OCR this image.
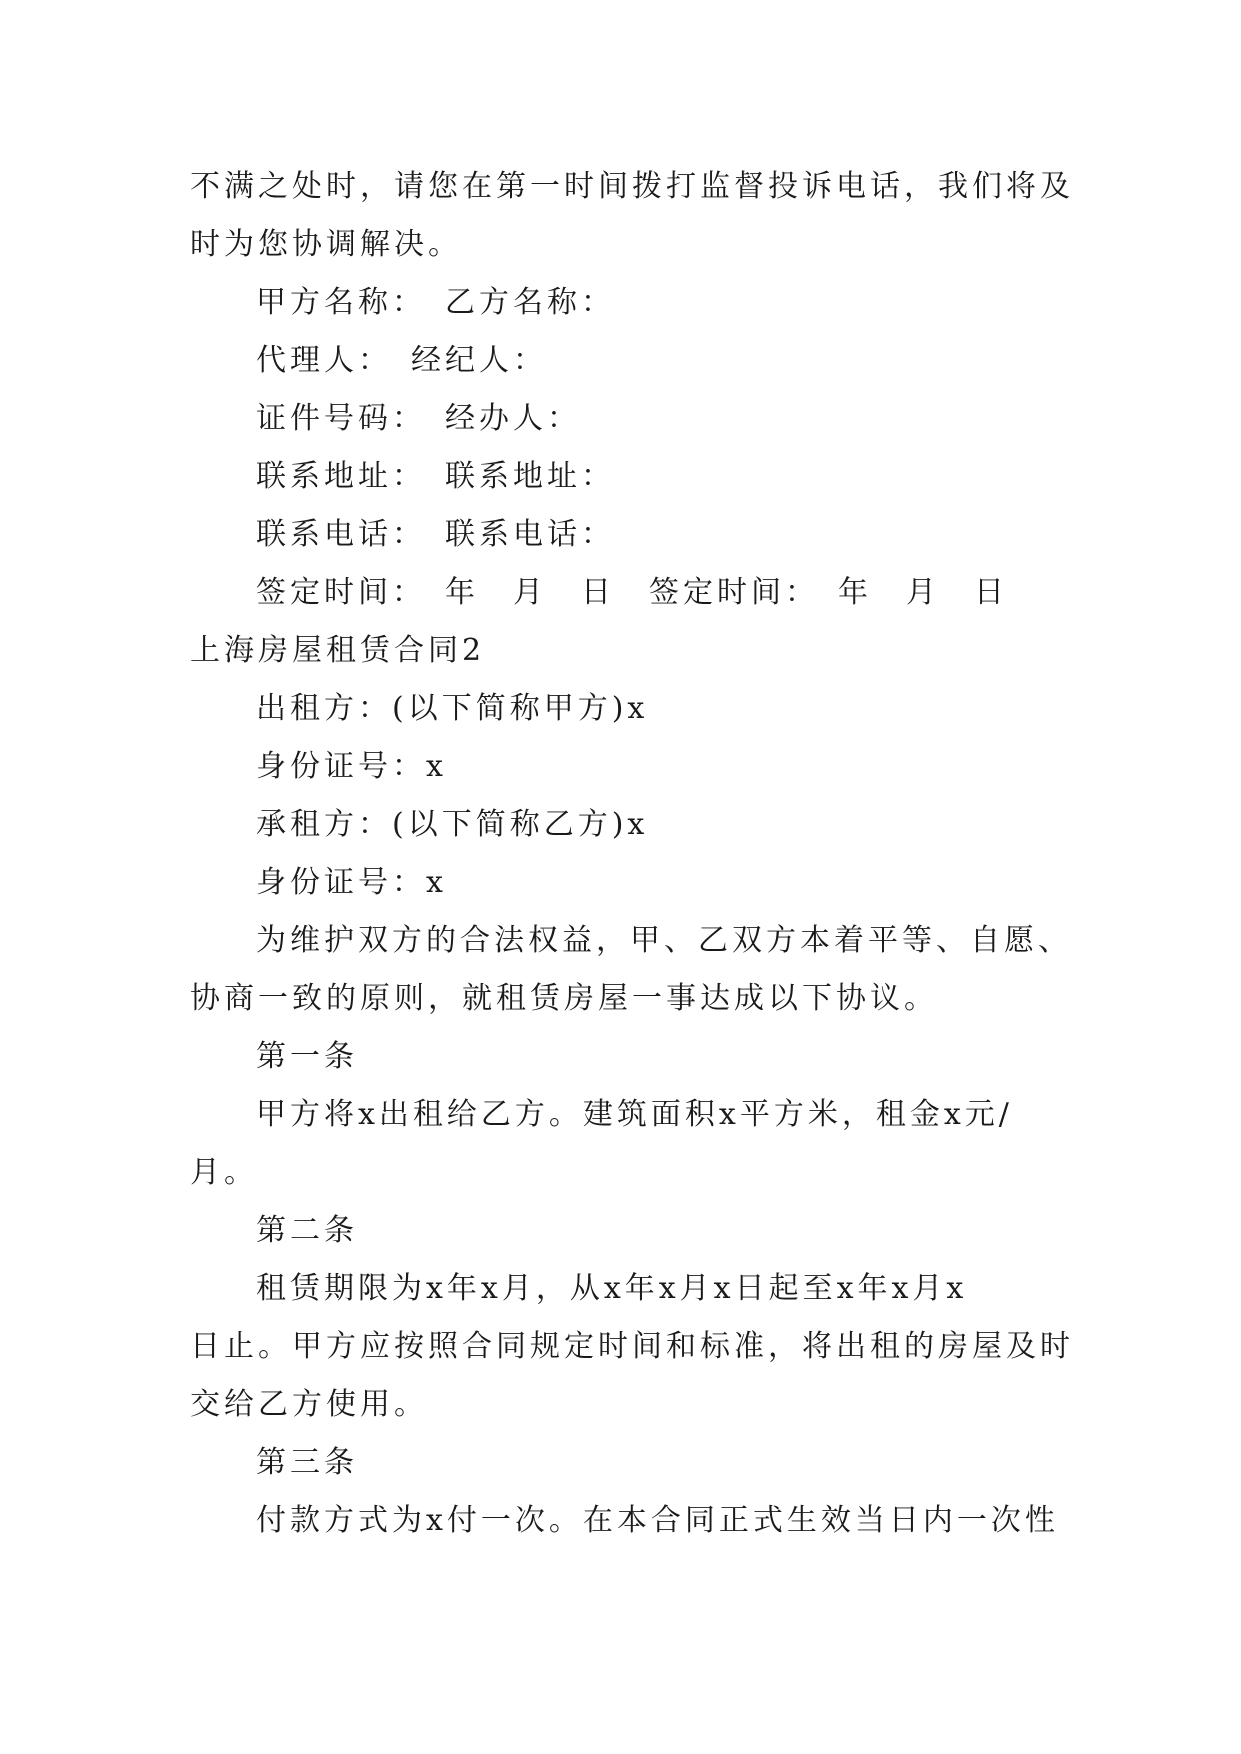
不满之处时，请您在第一时间拨打监督投诉电话，我们将及
时为您协调解决。
甲方名称：　乙方名称：
代理人：　经纪人：
证件号码：　经办人：
联系地址：　联系地址：
联系电话：　联系电话：
签定时间：　年　月　日　签定时间：　年　月　日
上海房屋租赁合同2
出租方：(以下简称甲方)x
身份证号：x
承租方：(以下简称乙方)x
身份证号：x
为维护双方的合法权益，甲、乙双方本着平等、自愿、
协商一致的原则，就租赁房屋一事达成以下协议。
第一条
甲方将x出租给乙方。建筑面积x平方米，租金x元/
月。
第二条
租赁期限为x年x月，从x年x月x日起至x年x月x
日止。甲方应按照合同规定时间和标准，将出租的房屋及时
交给乙方使用。
第三条
付款方式为x付一次。在本合同正式生效当日内一次性
